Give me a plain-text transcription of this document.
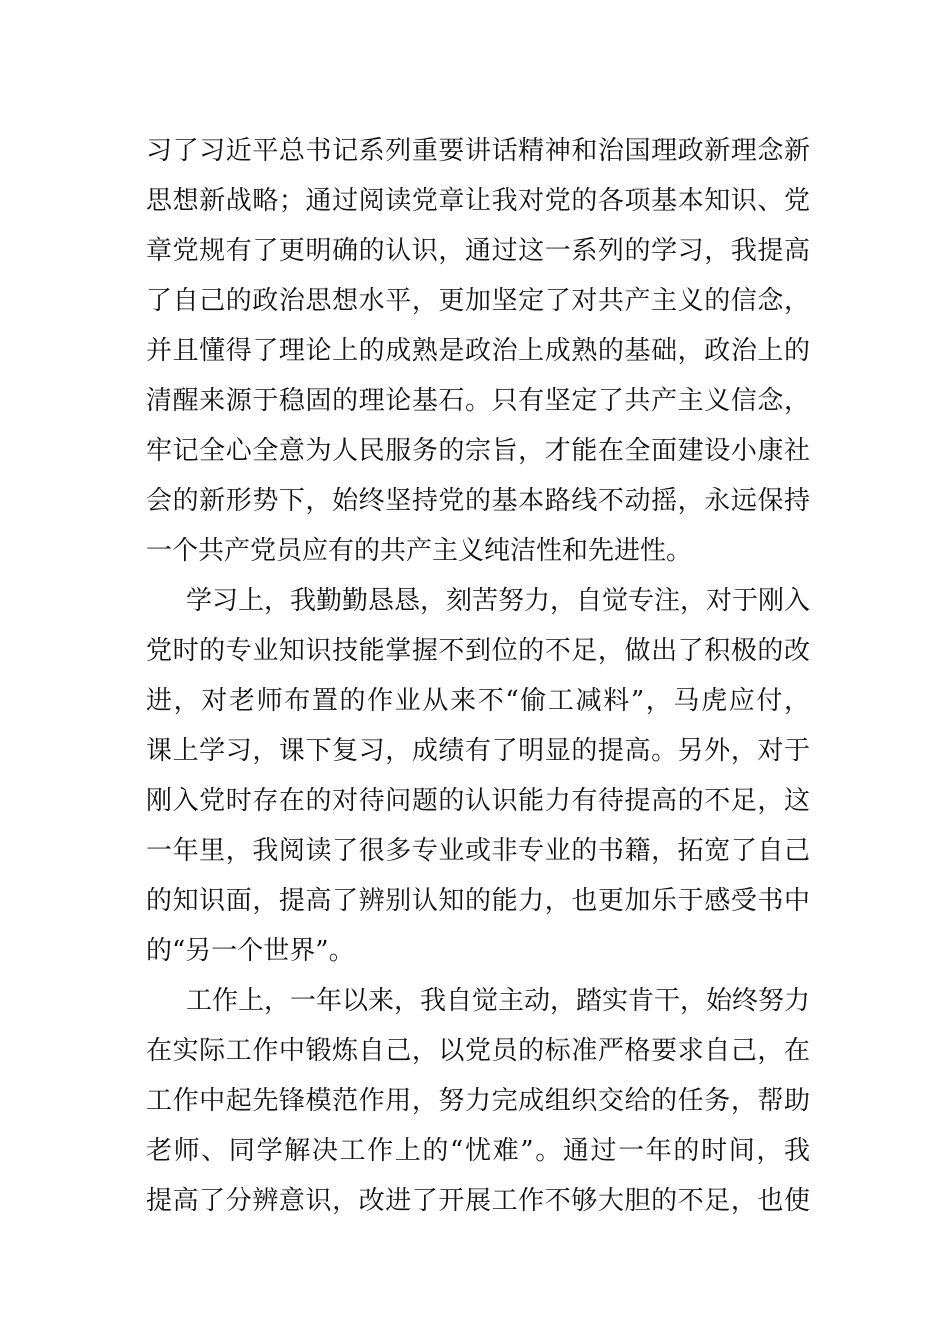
习了习近平总书记系列重要讲话精神和治国理政新理念新
思想新战略；通过阅读党章让我对党的各项基本知识、党
章党规有了更明确的认识，通过这一系列的学习，我提高
了自己的政治思想水平，更加坚定了对共产主义的信念，
并且懂得了理论上的成熟是政治上成熟的基础，政治上的
清醒来源于稳固的理论基石。只有坚定了共产主义信念，
牢记全心全意为人民服务的宗旨，才能在全面建设小康社
会的新形势下，始终坚持党的基本路线不动摇，永远保持
一个共产党员应有的共产主义纯洁性和先进性。
学习上，我勤勤恳恳，刻苦努力，自觉专注，对于刚入
党时的专业知识技能掌握不到位的不足，做出了积极的改
进，对老师布置的作业从来不“偷工减料”，马虎应付，
课上学习，课下复习，成绩有了明显的提高。另外，对于
刚入党时存在的对待问题的认识能力有待提高的不足，这
一年里，我阅读了很多专业或非专业的书籍，拓宽了自己
的知识面，提高了辨别认知的能力，也更加乐于感受书中
的“另一个世界”。
工作上，一年以来，我自觉主动，踏实肯干，始终努力
在实际工作中锻炼自己，以党员的标准严格要求自己，在
工作中起先锋模范作用，努力完成组织交给的任务，帮助
老师、同学解决工作上的“忧难”。通过一年的时间，我
提高了分辨意识，改进了开展工作不够大胆的不足，也使
